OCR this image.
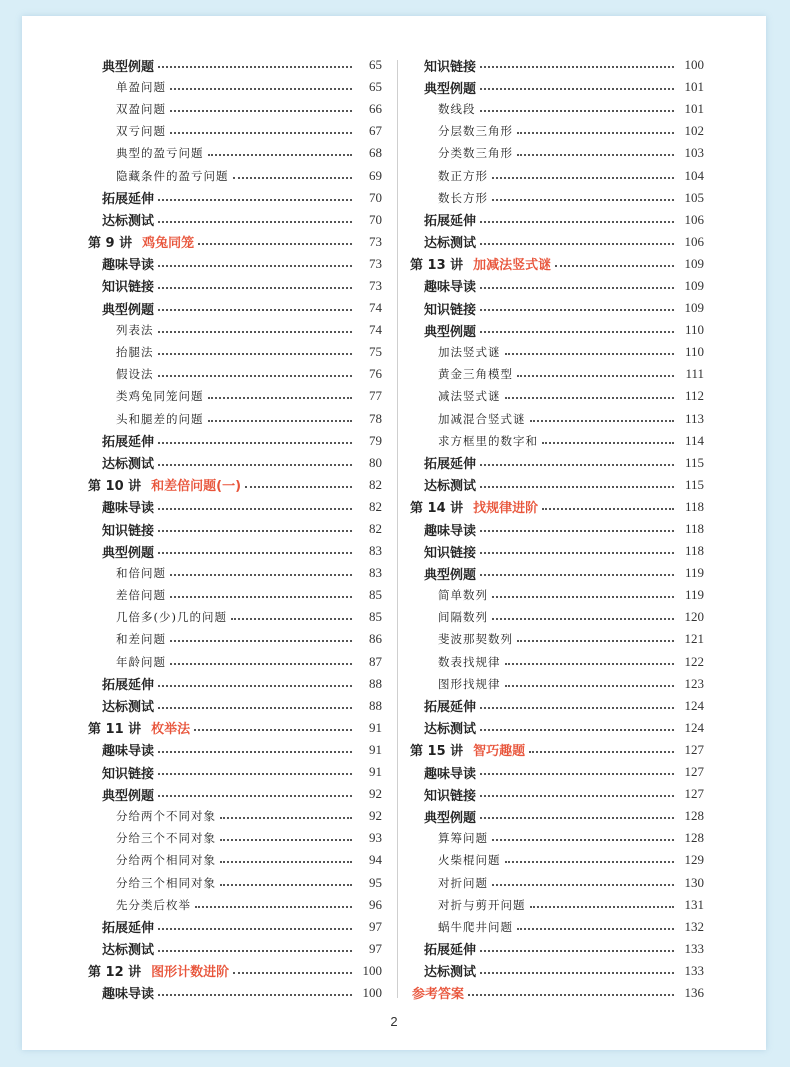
典型例题	65
单盈问题	65
双盈问题	66
双亏问题	67
典型的盈亏问题	68
隐藏条件的盈亏问题	69
拓展延伸	70
达标测试	70
第 9 讲 鸡兔同笼	73
趣味导读	73
知识链接	73
典型例题	74
列表法	74
抬腿法	75
假设法	76
类鸡兔同笼问题	77
头和腿差的问题	78
拓展延伸	79
达标测试	80
第 10 讲 和差倍问题(一)	82
趣味导读	82
知识链接	82
典型例题	83
和倍问题	83
差倍问题	85
几倍多(少)几的问题	85
和差问题	86
年龄问题	87
拓展延伸	88
达标测试	88
第 11 讲 枚举法	91
趣味导读	91
知识链接	91
典型例题	92
分给两个不同对象	92
分给三个不同对象	93
分给两个相同对象	94
分给三个相同对象	95
先分类后枚举	96
拓展延伸	97
达标测试	97
第 12 讲 图形计数进阶	100
趣味导读	100
知识链接	100
典型例题	101
数线段	101
分层数三角形	102
分类数三角形	103
数正方形	104
数长方形	105
拓展延伸	106
达标测试	106
第 13 讲 加减法竖式谜	109
趣味导读	109
知识链接	109
典型例题	110
加法竖式谜	110
黄金三角模型	111
减法竖式谜	112
加减混合竖式谜	113
求方框里的数字和	114
拓展延伸	115
达标测试	115
第 14 讲 找规律进阶	118
趣味导读	118
知识链接	118
典型例题	119
简单数列	119
间隔数列	120
斐波那契数列	121
数表找规律	122
图形找规律	123
拓展延伸	124
达标测试	124
第 15 讲 智巧趣题	127
趣味导读	127
知识链接	127
典型例题	128
算筹问题	128
火柴棍问题	129
对折问题	130
对折与剪开问题	131
蜗牛爬井问题	132
拓展延伸	133
达标测试	133
参考答案	136
2
